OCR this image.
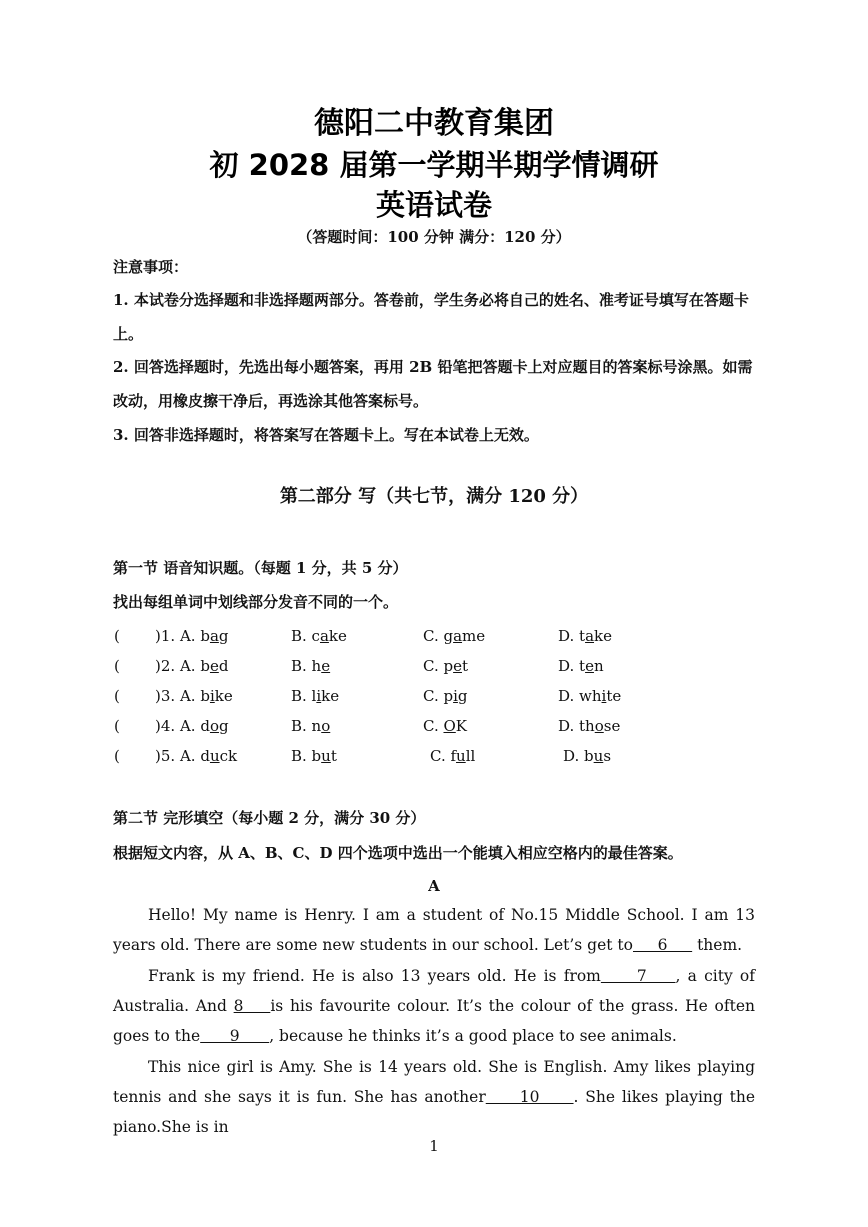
德阳二中教育集团
初 2028 届第一学期半期学情调研
英语试卷
（答题时间：100 分钟 满分：120 分）
注意事项：
1. 本试卷分选择题和非选择题两部分。答卷前，学生务必将自己的姓名、准考证号填写在答题卡上。
2. 回答选择题时，先选出每小题答案，再用 2B 铅笔把答题卡上对应题目的答案标号涂黑。如需改动，用橡皮擦干净后，再选涂其他答案标号。
3. 回答非选择题时，将答案写在答题卡上。写在本试卷上无效。
第二部分 写（共七节，满分 120 分）
第一节 语音知识题。（每题 1 分，共 5 分）
找出每组单词中划线部分发音不同的一个。
( )1. A. bag	B. cake	C. game	D. take
( )2. A. bed	B. he	C. pet	D. ten
( )3. A. bike	B. like	C. pig	D. white
( )4. A. dog	B. no	C. OK	D. those
( )5. A. duck	B. but	C. full	D. bus
第二节 完形填空（每小题 2 分，满分 30 分）
根据短文内容，从 A、B、C、D 四个选项中选出一个能填入相应空格内的最佳答案。
A
Hello! My name is Henry. I am a student of No.15 Middle School. I am 13 years old. There are some new students in our school. Let’s get to     6      them.
Frank is my friend. He is also 13 years old. He is from     7    , a city of Australia. And 8    is his favourite colour. It’s the colour of the grass. He often goes to the      9      , because he thinks it’s a good place to see animals.
This nice girl is Amy. She is 14 years old. She is English. Amy likes playing tennis and she says it is fun. She has another     10     . She likes playing the piano.She is in
1
